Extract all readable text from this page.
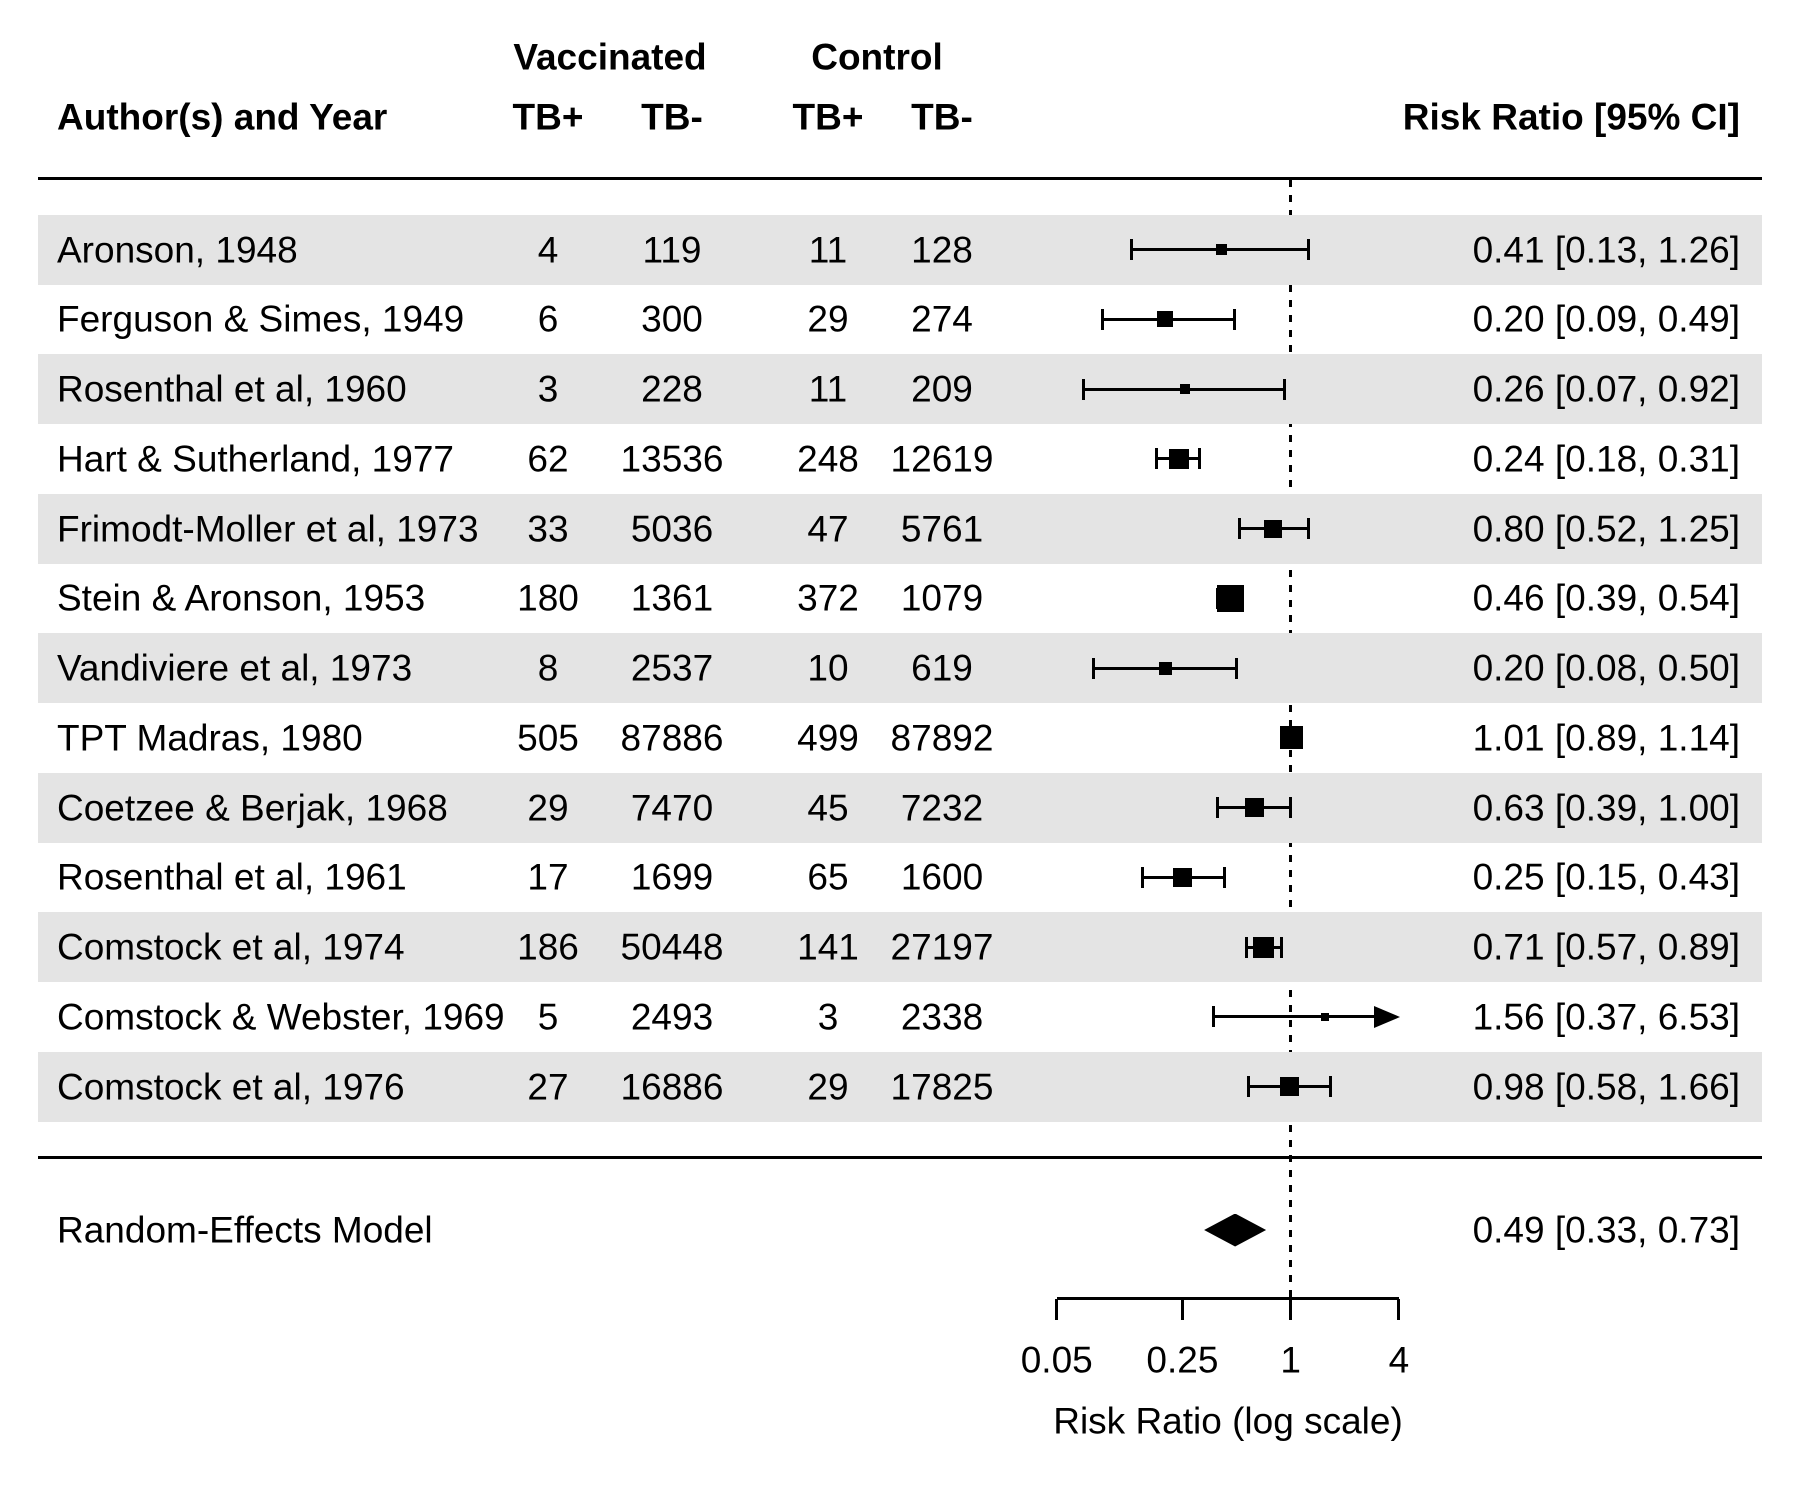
Vaccinated	Control
Author(s) and Year	TB+ TB- TB+ TB-	Risk Ratio [95% CI]
Aronson, 1948	4	119	11	128	0.41 [0.13, 1.26]
Ferguson & Simes, 1949	6	300	29	274	0.20 [0.09, 0.49]
Rosenthal et al, 1960	3	228	11	209	0.26 [0.07, 0.92]
Hart & Sutherland, 1977	62	13536	248 12619	0.24 [0.18, 0.31]
Frimodt-Moller et al, 1973	33	5036	47	5761	0.80 [0.52, 1.25]
Stein & Aronson, 1953	180	1361	372	1079	0.46 [0.39, 0.54]
Vandiviere et al, 1973	8	2537	10	619	0.20 [0.08, 0.50]
TPT Madras, 1980	505	87886	499 87892	1.01 [0.89, 1.14]
Coetzee & Berjak, 1968	29	7470	45	7232	0.63 [0.39, 1.00]
Rosenthal et al, 1961	17	1699	65	1600	0.25 [0.15, 0.43]
Comstock et al, 1974	186	50448	141 27197	0.71 [0.57, 0.89]
Comstock & Webster, 1969 5	2493	3	2338	1.56 [0.37, 6.53]
Comstock et al, 1976	27	16886	29	17825	0.98 [0.58, 1.66]
Random-Effects Model	0.49 [0.33, 0.73]
0.05 0.25 1 4
Risk Ratio (log scale)
